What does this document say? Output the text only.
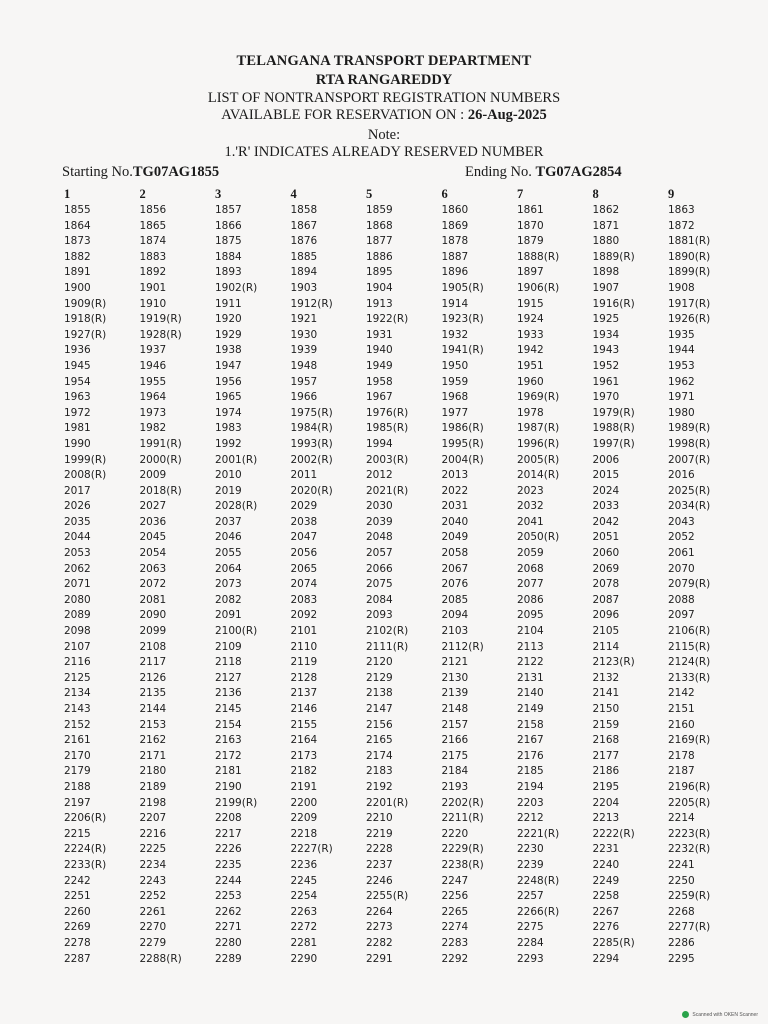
TELANGANA TRANSPORT DEPARTMENT
RTA RANGAREDDY
LIST OF NONTRANSPORT REGISTRATION NUMBERS
AVAILABLE FOR RESERVATION ON : 26-Aug-2025
Note:
1.'R' INDICATES ALREADY RESERVED NUMBER
Starting No.TG07AG1855	Ending No. TG07AG2854
1	2	3	4	5	6	7	8	9
1855	1856	1857	1858	1859	1860	1861	1862	1863
1864	1865	1866	1867	1868	1869	1870	1871	1872
1873	1874	1875	1876	1877	1878	1879	1880	1881(R)
1882	1883	1884	1885	1886	1887	1888(R)	1889(R)	1890(R)
1891	1892	1893	1894	1895	1896	1897	1898	1899(R)
1900	1901	1902(R)	1903	1904	1905(R)	1906(R)	1907	1908
1909(R)	1910	1911	1912(R)	1913	1914	1915	1916(R)	1917(R)
1918(R)	1919(R)	1920	1921	1922(R)	1923(R)	1924	1925	1926(R)
1927(R)	1928(R)	1929	1930	1931	1932	1933	1934	1935
1936	1937	1938	1939	1940	1941(R)	1942	1943	1944
1945	1946	1947	1948	1949	1950	1951	1952	1953
1954	1955	1956	1957	1958	1959	1960	1961	1962
1963	1964	1965	1966	1967	1968	1969(R)	1970	1971
1972	1973	1974	1975(R)	1976(R)	1977	1978	1979(R)	1980
1981	1982	1983	1984(R)	1985(R)	1986(R)	1987(R)	1988(R)	1989(R)
1990	1991(R)	1992	1993(R)	1994	1995(R)	1996(R)	1997(R)	1998(R)
1999(R)	2000(R)	2001(R)	2002(R)	2003(R)	2004(R)	2005(R)	2006	2007(R)
2008(R)	2009	2010	2011	2012	2013	2014(R)	2015	2016
2017	2018(R)	2019	2020(R)	2021(R)	2022	2023	2024	2025(R)
2026	2027	2028(R)	2029	2030	2031	2032	2033	2034(R)
2035	2036	2037	2038	2039	2040	2041	2042	2043
2044	2045	2046	2047	2048	2049	2050(R)	2051	2052
2053	2054	2055	2056	2057	2058	2059	2060	2061
2062	2063	2064	2065	2066	2067	2068	2069	2070
2071	2072	2073	2074	2075	2076	2077	2078	2079(R)
2080	2081	2082	2083	2084	2085	2086	2087	2088
2089	2090	2091	2092	2093	2094	2095	2096	2097
2098	2099	2100(R)	2101	2102(R)	2103	2104	2105	2106(R)
2107	2108	2109	2110	2111(R)	2112(R)	2113	2114	2115(R)
2116	2117	2118	2119	2120	2121	2122	2123(R)	2124(R)
2125	2126	2127	2128	2129	2130	2131	2132	2133(R)
2134	2135	2136	2137	2138	2139	2140	2141	2142
2143	2144	2145	2146	2147	2148	2149	2150	2151
2152	2153	2154	2155	2156	2157	2158	2159	2160
2161	2162	2163	2164	2165	2166	2167	2168	2169(R)
2170	2171	2172	2173	2174	2175	2176	2177	2178
2179	2180	2181	2182	2183	2184	2185	2186	2187
2188	2189	2190	2191	2192	2193	2194	2195	2196(R)
2197	2198	2199(R)	2200	2201(R)	2202(R)	2203	2204	2205(R)
2206(R)	2207	2208	2209	2210	2211(R)	2212	2213	2214
2215	2216	2217	2218	2219	2220	2221(R)	2222(R)	2223(R)
2224(R)	2225	2226	2227(R)	2228	2229(R)	2230	2231	2232(R)
2233(R)	2234	2235	2236	2237	2238(R)	2239	2240	2241
2242	2243	2244	2245	2246	2247	2248(R)	2249	2250
2251	2252	2253	2254	2255(R)	2256	2257	2258	2259(R)
2260	2261	2262	2263	2264	2265	2266(R)	2267	2268
2269	2270	2271	2272	2273	2274	2275	2276	2277(R)
2278	2279	2280	2281	2282	2283	2284	2285(R)	2286
2287	2288(R)	2289	2290	2291	2292	2293	2294	2295
Scanned with OKEN Scanner
